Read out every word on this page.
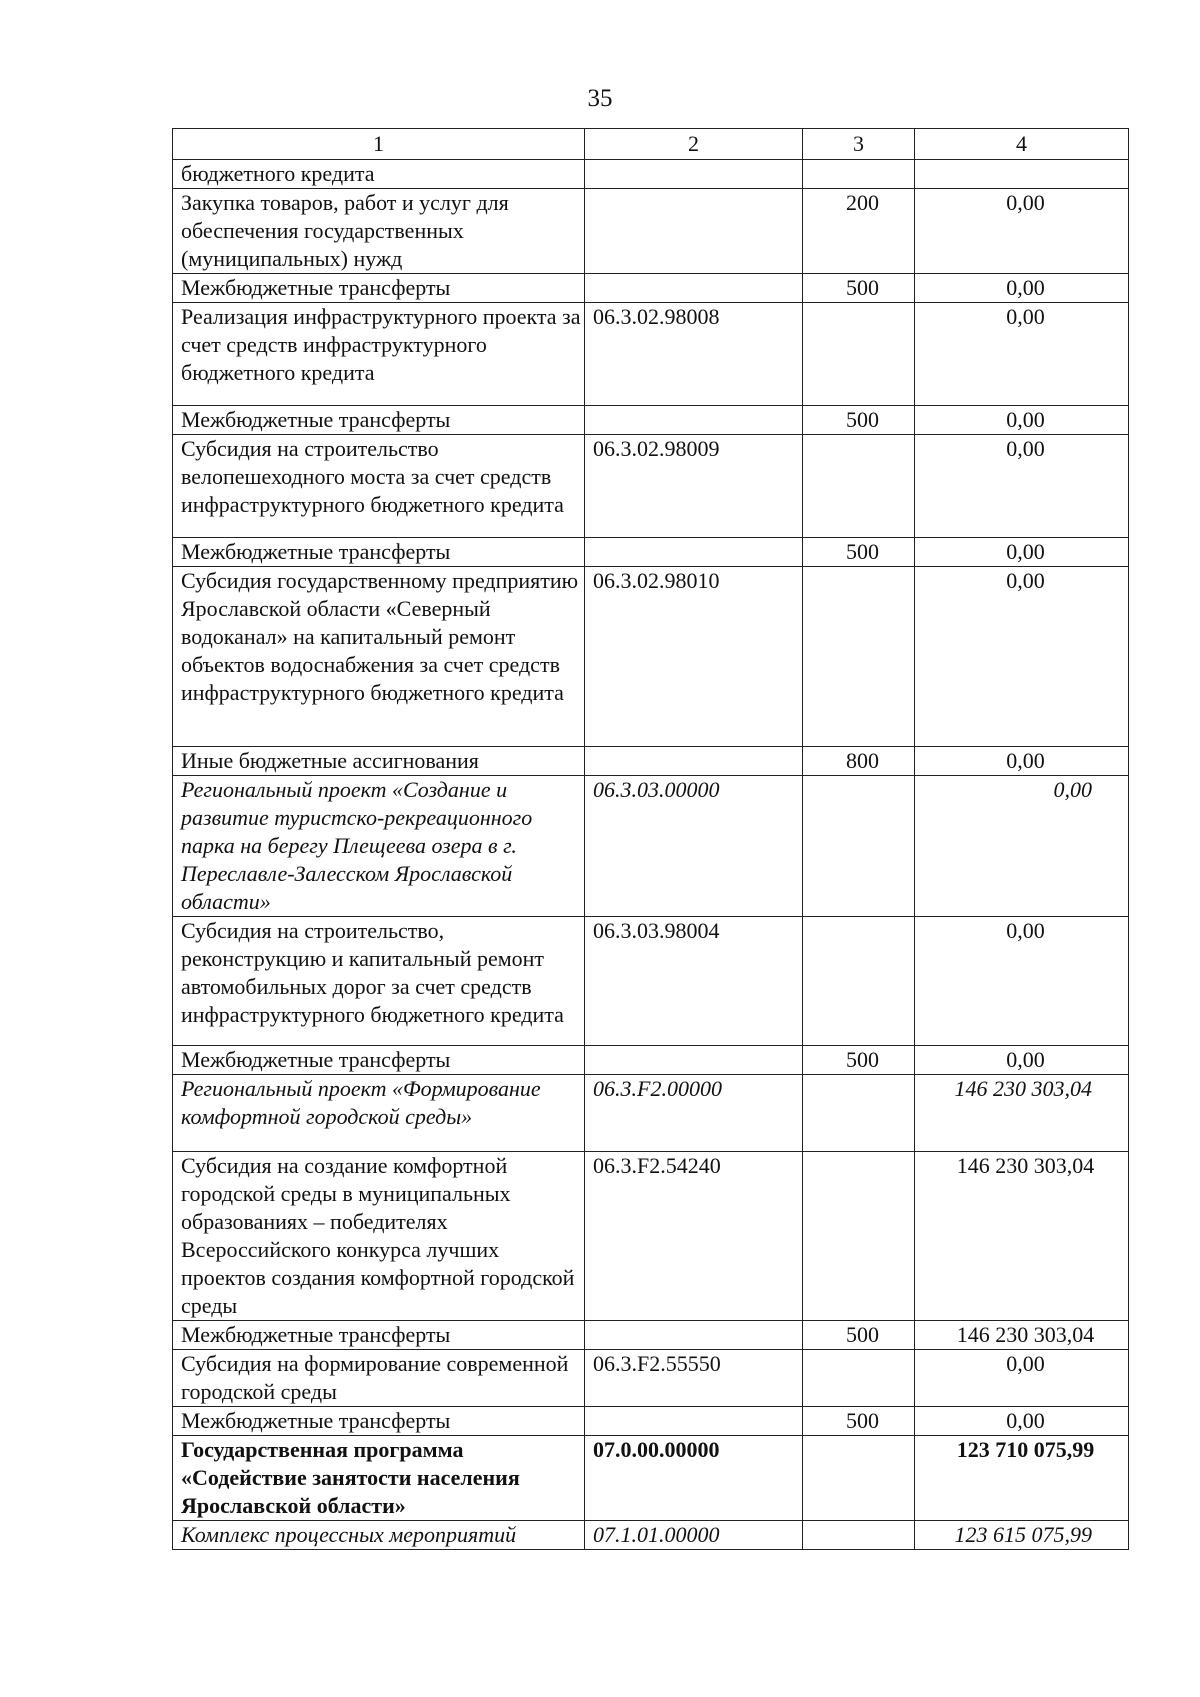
35
1	2	3	4
бюджетного кредита			
Закупка товаров, работ и услуг для обеспечения государственных (муниципальных) нужд		200	0,00
Межбюджетные трансферты		500	0,00
Реализация инфраструктурного проекта за счет средств инфраструктурного бюджетного кредита	06.3.02.98008		0,00
Межбюджетные трансферты		500	0,00
Субсидия на строительство велопешеходного моста за счет средств инфраструктурного бюджетного кредита	06.3.02.98009		0,00
Межбюджетные трансферты		500	0,00
Субсидия государственному предприятию Ярославской области «Северный водоканал» на капитальный ремонт объектов водоснабжения за счет средств инфраструктурного бюджетного кредита	06.3.02.98010		0,00
Иные бюджетные ассигнования		800	0,00
Региональный проект «Создание и развитие туристско-рекреационного парка на берегу Плещеева озера в г. Переславле-Залесском Ярославской области»	06.3.03.00000		0,00
Субсидия на строительство, реконструкцию и капитальный ремонт автомобильных дорог за счет средств инфраструктурного бюджетного кредита	06.3.03.98004		0,00
Межбюджетные трансферты		500	0,00
Региональный проект «Формирование комфортной городской среды»	06.3.F2.00000		146 230 303,04
Субсидия на создание комфортной городской среды в муниципальных образованиях – победителях Всероссийского конкурса лучших проектов создания комфортной городской среды	06.3.F2.54240		146 230 303,04
Межбюджетные трансферты		500	146 230 303,04
Субсидия на формирование современной городской среды	06.3.F2.55550		0,00
Межбюджетные трансферты		500	0,00
Государственная программа «Содействие занятости населения Ярославской области»	07.0.00.00000		123 710 075,99
Комплекс процессных мероприятий	07.1.01.00000		123 615 075,99
